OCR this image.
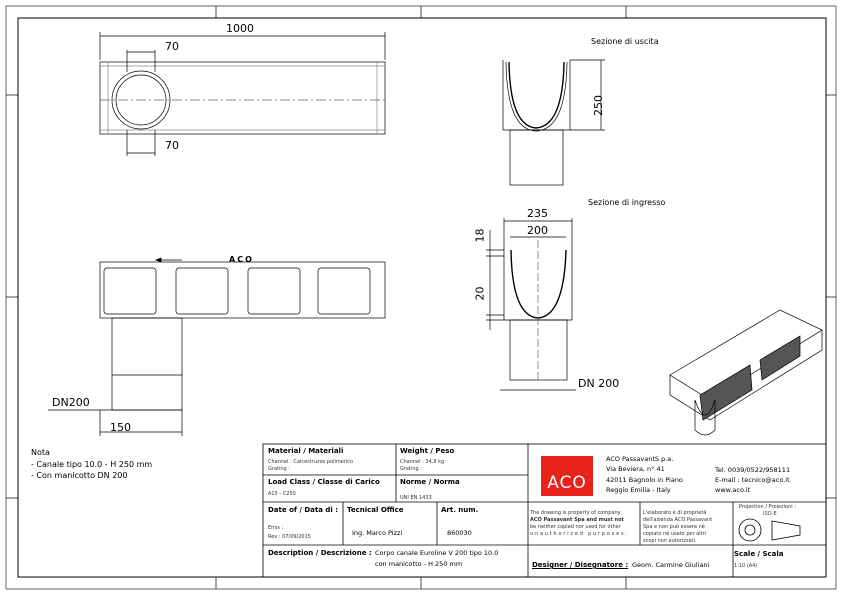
1000
70
70
250
235
200
18
20
DN 200
DN200
150
Sezione di uscita
Sezione di ingresso
ACO
Nota
- Canale tipo 10.0 - H 250 mm
- Con manicotto DN 200
Material / Materiali
Channel : Calcestruzzo polimerico
Grating :
Weight / Peso
Channel : 34.8 kg
Grating :
Load Class / Classe di Carico
A15 - C250
Norme / Norma
UNI EN 1433
Date of / Data di :
Emis :
Rev : 07/09/2015
Tecnical Office
Ing. Marco Pizzi
Art. num.
860030
Description / Descrizione : Corpo canale Euroline V 200 tipo 10.0
con manicotto - H 250 mm
ACO
ACO PassavantS.p.a.
Via Beviera, n° 41
42011 Bagnolo in Piano
Reggio Emilia - Italy
Tel. 0039/0522/958111
E-mail : tecnico@aco.it
www.aco.it
The drawing is property of company
ACO Passavant Spa and must not
be neither copied nor used for other
unauthorized purposes.
L'elaborato è di proprietà
dell'azienda ACO Passavant
Spa e non può essere né
copiato né usato per altri
scopi non autorizzati.
Projection / Proiezioni :
ISO-E
Designer / Disegnatore : Geom. Carmine Giuliani
Scale / Scala
1:10 (A4)
